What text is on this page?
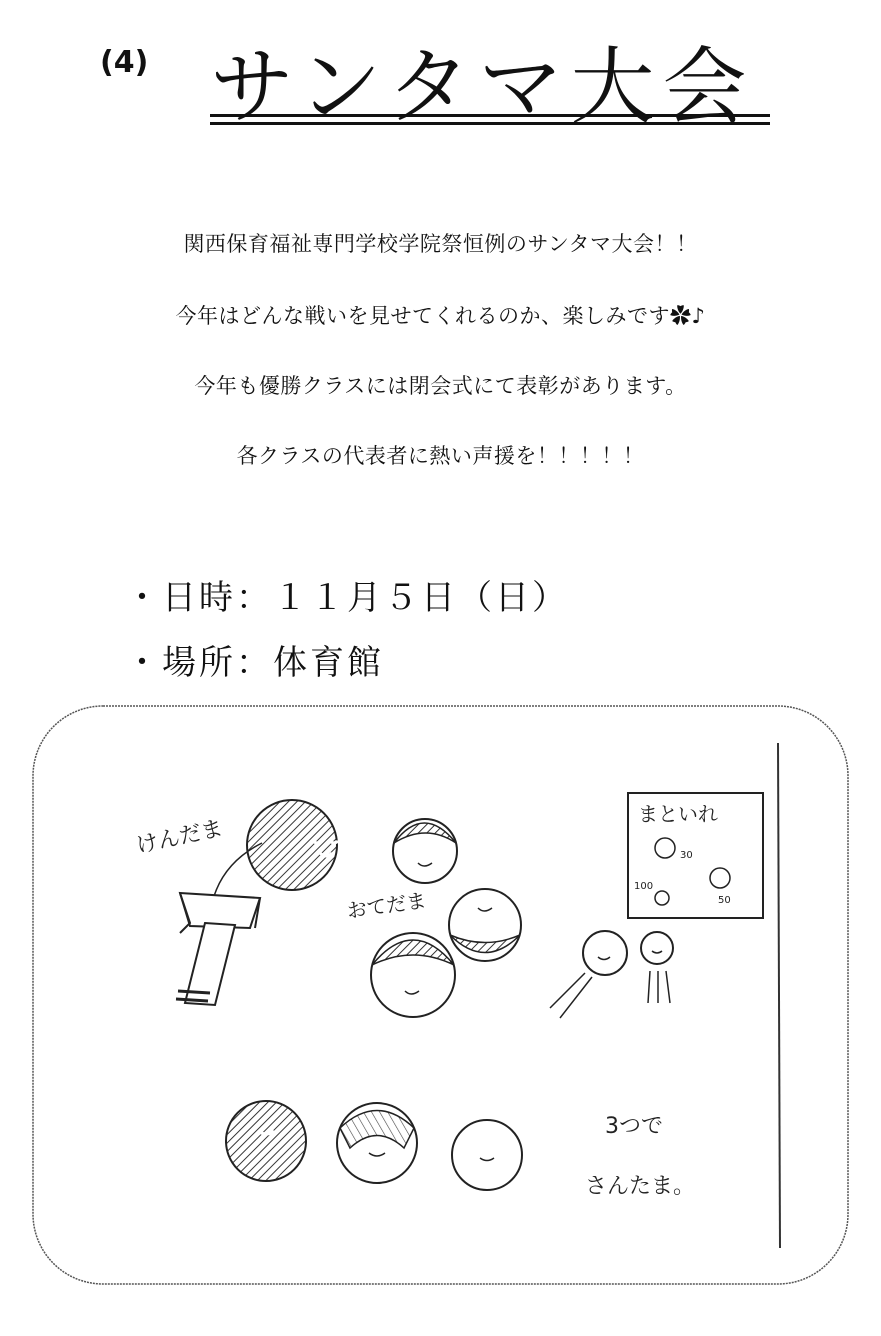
(4) サンタマ大会
関西保育福祉専門学校学院祭恒例のサンタマ大会！！
今年はどんな戦いを見せてくれるのか、楽しみです✿♪
今年も優勝クラスには閉会式にて表彰があります。
各クラスの代表者に熱い声援を！！！！！
・日時：１１月５日（日）
・場所：体育館
けんだま
おてだま
まといれ
30
100
50
3つで
さんたま。
